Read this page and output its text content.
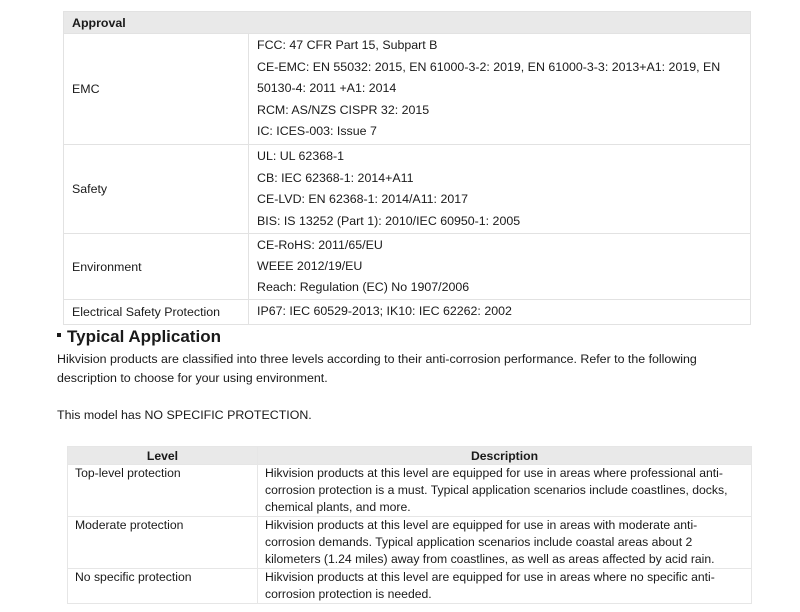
Approval	
EMC	FCC: 47 CFR Part 15, Subpart B
CE-EMC: EN 55032: 2015, EN 61000-3-2: 2019, EN 61000-3-3: 2013+A1: 2019, EN 50130-4: 2011 +A1: 2014
RCM: AS/NZS CISPR 32: 2015
IC: ICES-003: Issue 7

Safety	UL: UL 62368-1
CB: IEC 62368-1: 2014+A11
CE-LVD: EN 62368-1: 2014/A11: 2017
BIS: IS 13252 (Part 1): 2010/IEC 60950-1: 2005

Environment	CE-RoHS: 2011/65/EU
WEEE 2012/19/EU
Reach: Regulation (EC) No 1907/2006

Electrical Safety Protection	IP67: IEC 60529-2013; IK10: IEC 62262: 2002
Typical Application

Hikvision products are classified into three levels according to their anti-corrosion performance. Refer to the following description to choose for your using environment.

This model has NO SPECIFIC PROTECTION.

Level	Description
Top-level protection	Hikvision products at this level are equipped for use in areas where professional anti-corrosion protection is a must. Typical application scenarios include coastlines, docks, chemical plants, and more.
Moderate protection	Hikvision products at this level are equipped for use in areas with moderate anti-corrosion demands. Typical application scenarios include coastal areas about 2 kilometers (1.24 miles) away from coastlines, as well as areas affected by acid rain.
No specific protection	Hikvision products at this level are equipped for use in areas where no specific anti-corrosion protection is needed.
